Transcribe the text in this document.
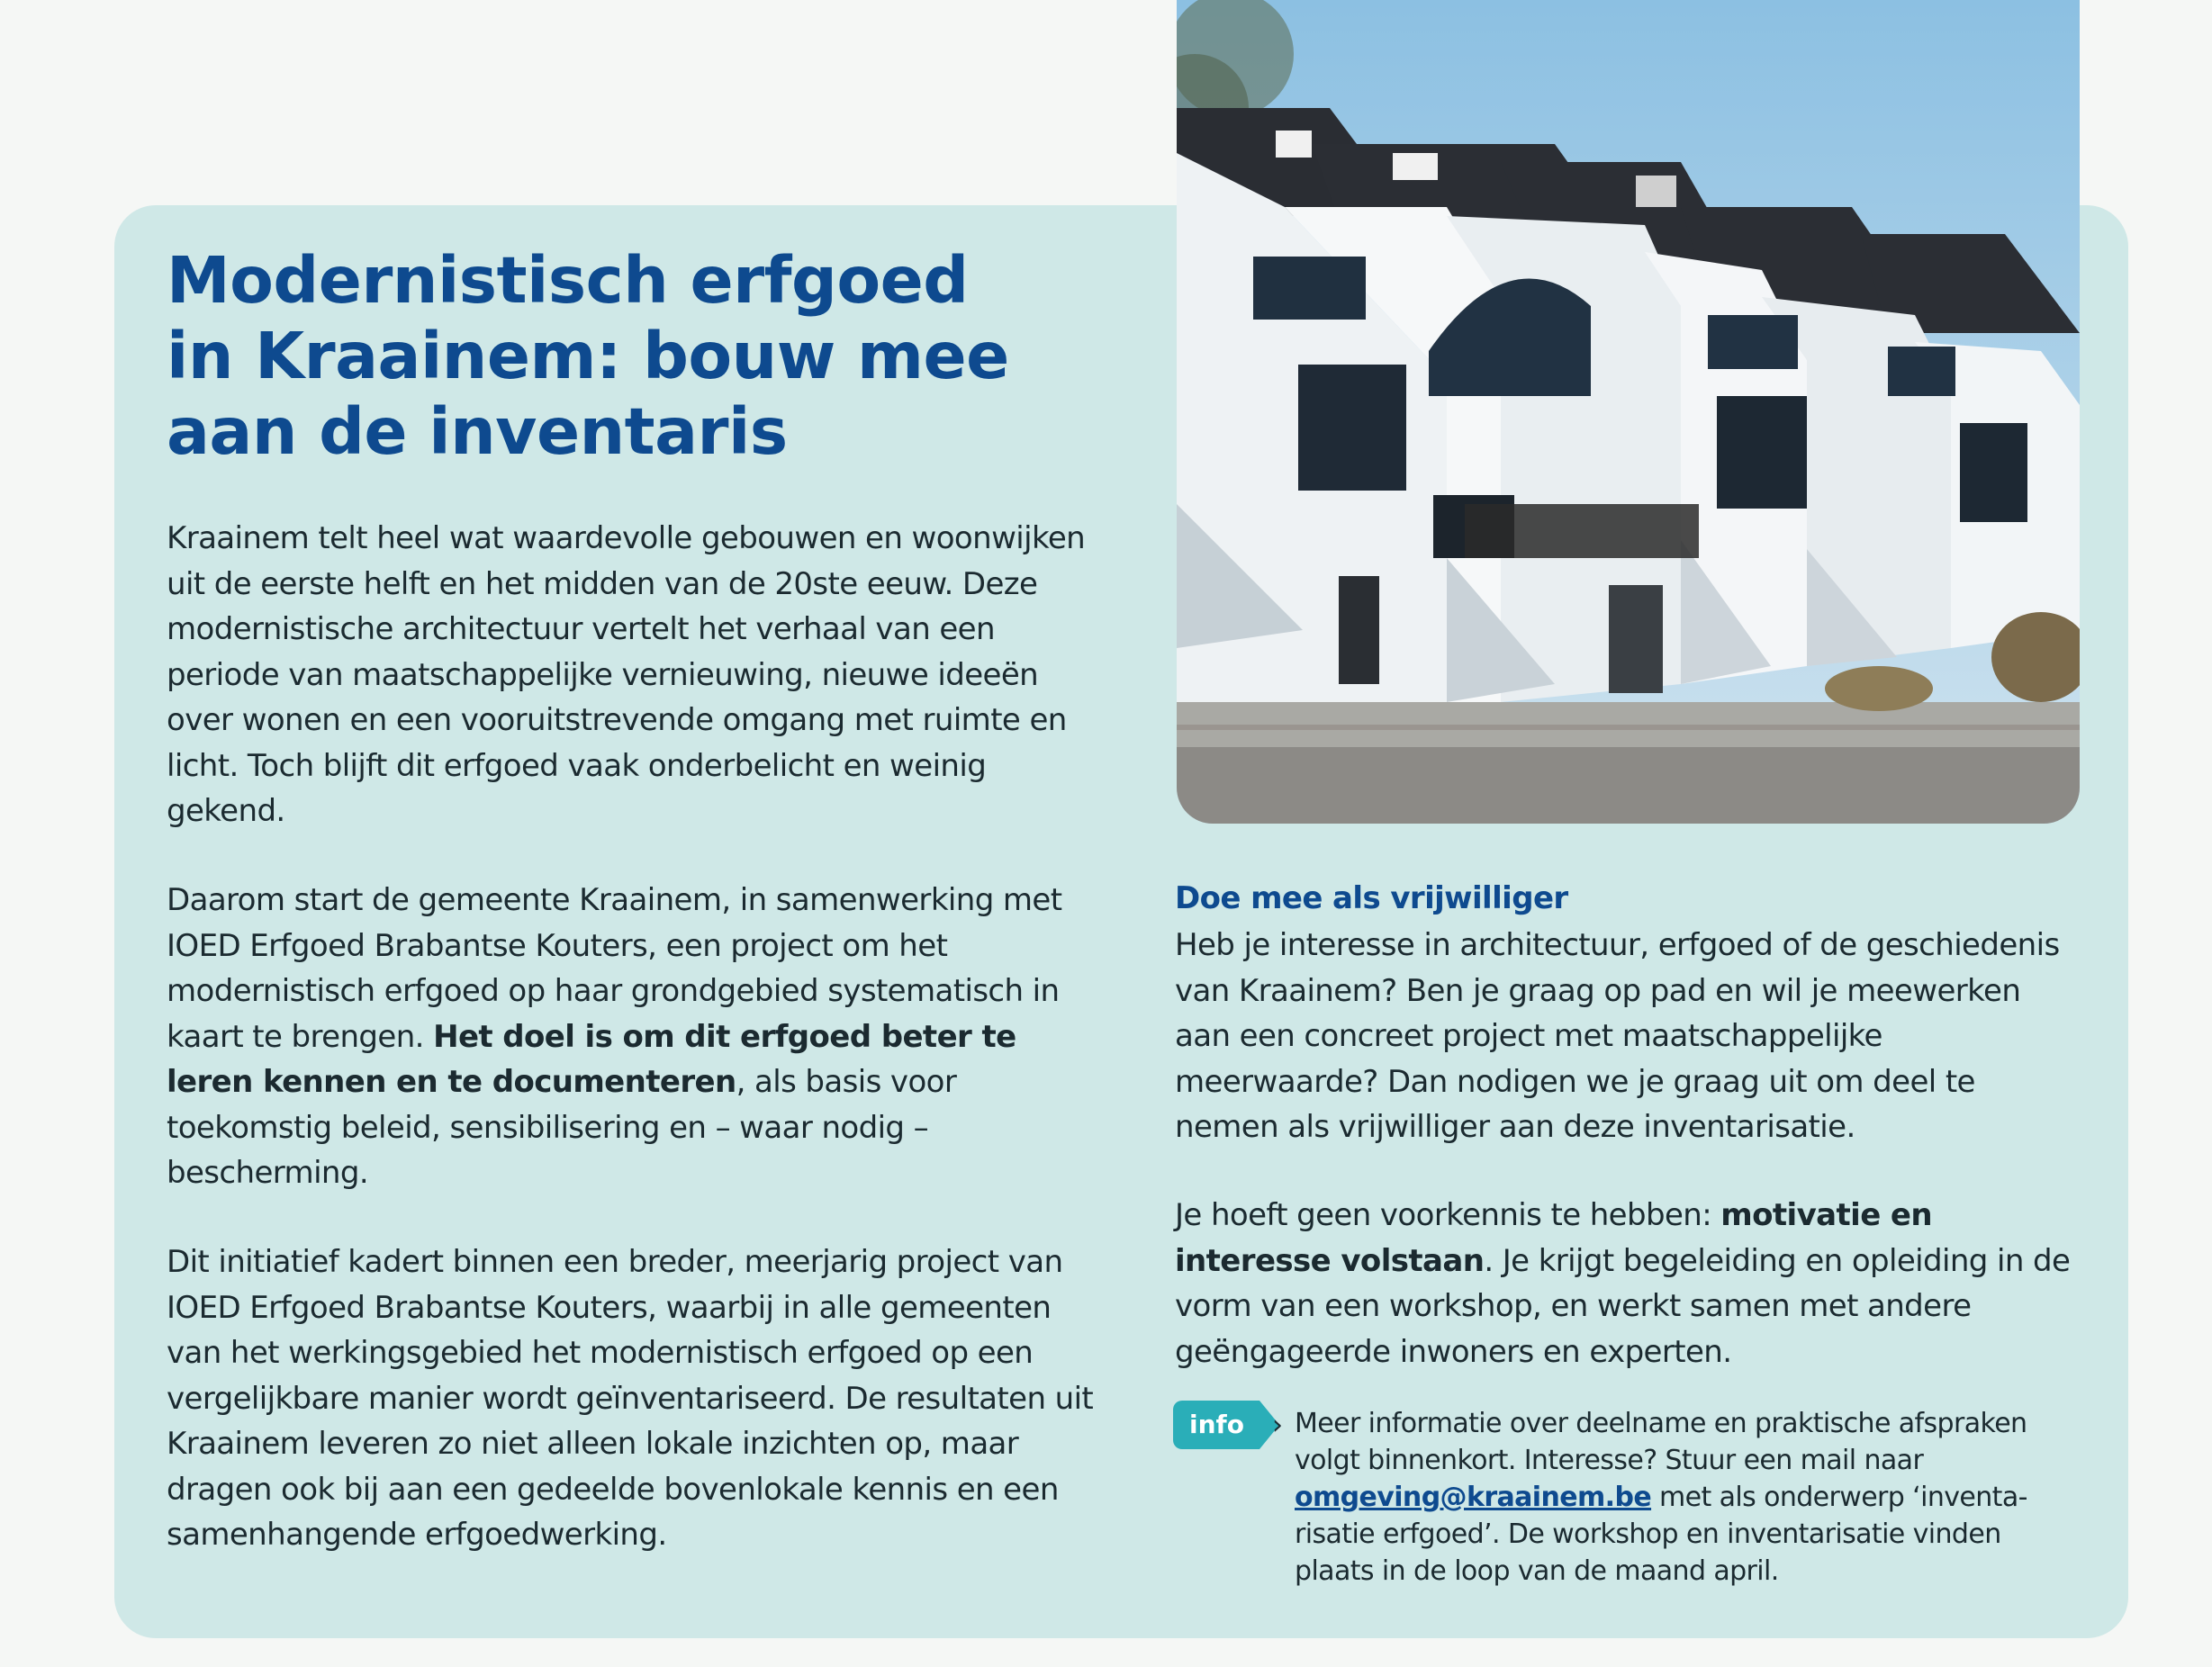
Modernistisch erfgoed
in Kraainem: bouw mee
aan de inventaris

Kraainem telt heel wat waardevolle gebouwen en woonwijken uit de eerste helft en het midden van de 20ste eeuw. Deze modernistische architectuur vertelt het verhaal van een periode van maatschappelijke vernieuwing, nieuwe ideeën over wonen en een vooruitstrevende omgang met ruimte en licht. Toch blijft dit erfgoed vaak onderbelicht en weinig gekend.

Daarom start de gemeente Kraainem, in samenwerking met IOED Erfgoed Brabantse Kouters, een project om het modernistisch erfgoed op haar grondgebied systematisch in kaart te brengen. Het doel is om dit erfgoed beter te leren kennen en te documenteren, als basis voor toekomstig beleid, sensibilisering en – waar nodig – bescherming.

Dit initiatief kadert binnen een breder, meerjarig project van IOED Erfgoed Brabantse Kouters, waarbij in alle gemeenten van het werkingsgebied het modernistisch erfgoed op een vergelijkbare manier wordt geïnventariseerd. De resultaten uit Kraainem leveren zo niet alleen lokale inzichten op, maar dragen ook bij aan een gedeelde bovenlokale kennis en een samenhangende erfgoedwerking.

Doe mee als vrijwilliger

Heb je interesse in architectuur, erfgoed of de geschiedenis van Kraainem? Ben je graag op pad en wil je meewerken aan een concreet project met maatschappelijke meerwaarde? Dan nodigen we je graag uit om deel te nemen als vrijwilliger aan deze inventarisatie.

Je hoeft geen voorkennis te hebben: motivatie en interesse volstaan. Je krijgt begeleiding en opleiding in de vorm van een workshop, en werkt samen met andere geëngageerde inwoners en experten.

info	› Meer informatie over deelname en praktische afspraken volgt binnenkort. Interesse? Stuur een mail naar omgeving@kraainem.be met als onderwerp ‘inventa-risatie erfgoed’. De workshop en inventarisatie vinden plaats in de loop van de maand april.
